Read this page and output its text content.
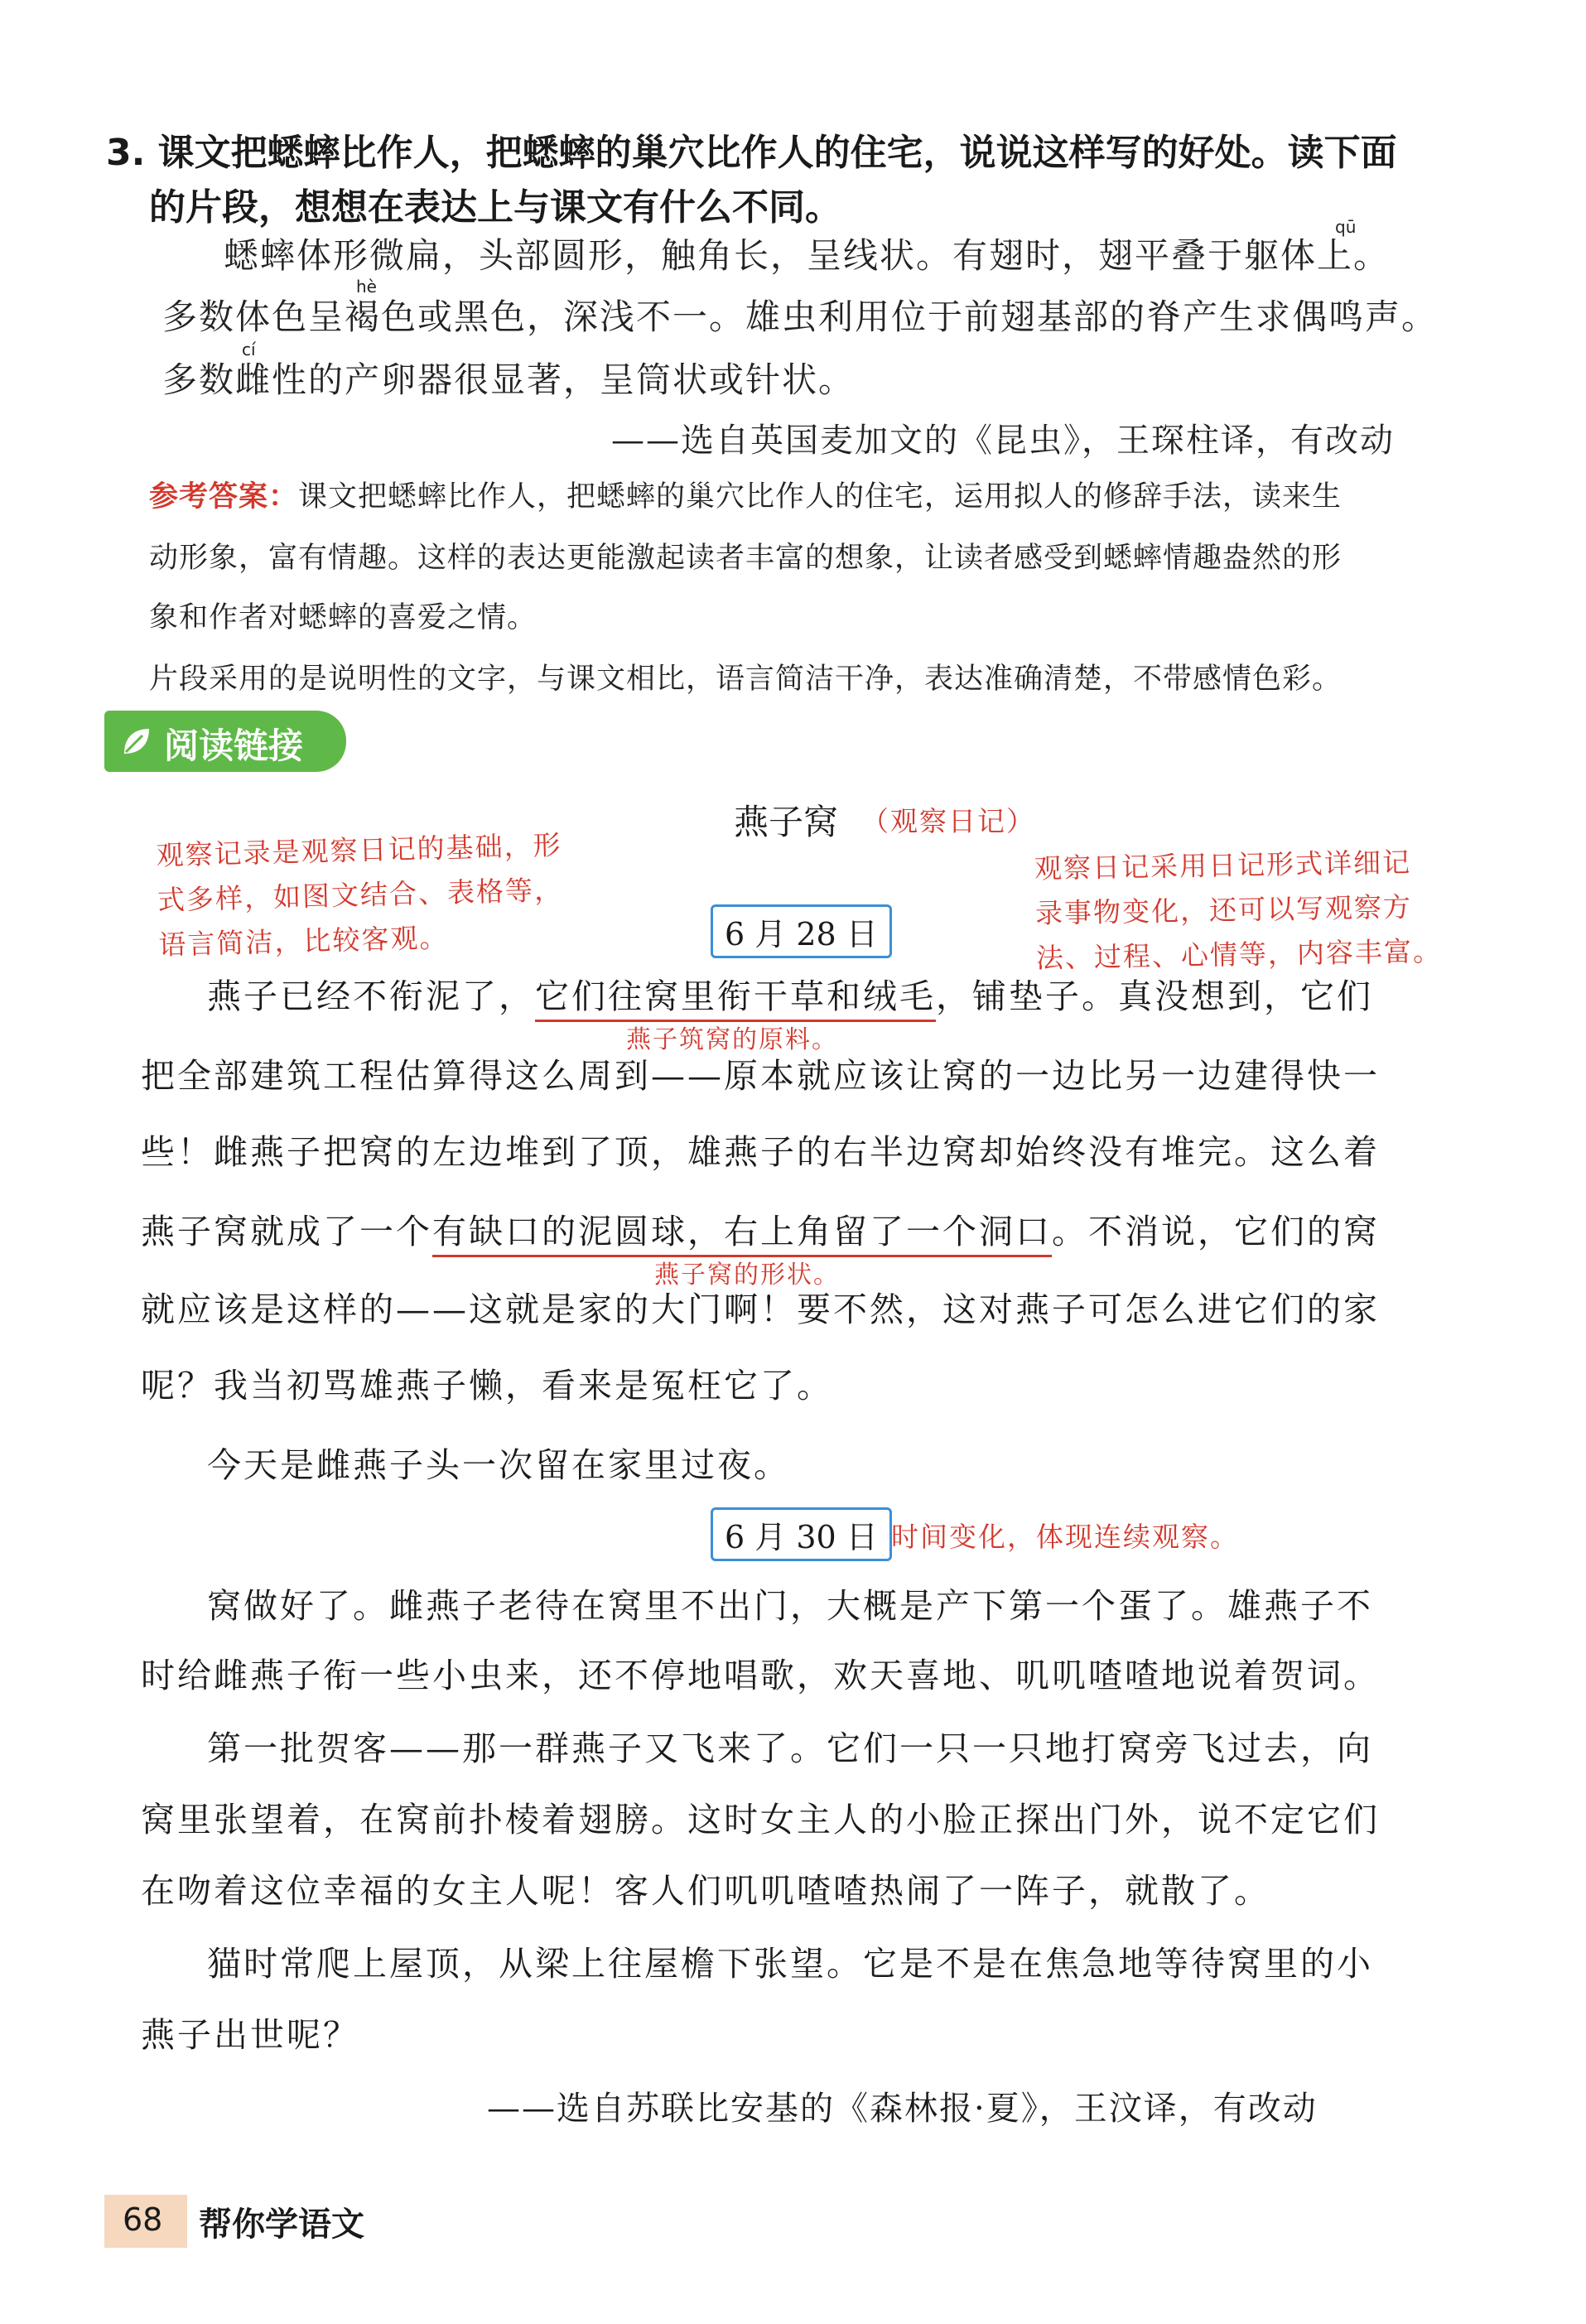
3. 课文把蟋蟀比作人，把蟋蟀的巢穴比作人的住宅，说说这样写的好处。读下面
的片段，想想在表达上与课文有什么不同。	qū
蟋蟀体形微扁，头部圆形，触角长，呈线状。有翅时，翅平叠于躯体上。
hè
多数体色呈褐色或黑色，深浅不一。雄虫利用位于前翅基部的脊产生求偶鸣声。
cí
多数雌性的产卵器很显著，呈筒状或针状。
——选自英国麦加文的《昆虫》，王琛柱译，有改动
参考答案：课文把蟋蟀比作人，把蟋蟀的巢穴比作人的住宅，运用拟人的修辞手法，读来生
动形象，富有情趣。这样的表达更能激起读者丰富的想象，让读者感受到蟋蟀情趣盎然的形
象和作者对蟋蟀的喜爱之情。
片段采用的是说明性的文字，与课文相比，语言简洁干净，表达准确清楚，不带感情色彩。
阅读链接
燕子窝 （观察日记）
观察记录是观察日记的基础，形
式多样，如图文结合、表格等，
语言简洁，比较客观。
观察日记采用日记形式详细记
录事物变化，还可以写观察方
法、过程、心情等，内容丰富。
6 月 28 日
燕子已经不衔泥了，它们往窝里衔干草和绒毛，铺垫子。真没想到，它们
燕子筑窝的原料。
把全部建筑工程估算得这么周到——原本就应该让窝的一边比另一边建得快一
些！雌燕子把窝的左边堆到了顶，雄燕子的右半边窝却始终没有堆完。这么着
燕子窝就成了一个有缺口的泥圆球，右上角留了一个洞口。不消说，它们的窝
燕子窝的形状。
就应该是这样的——这就是家的大门啊！要不然，这对燕子可怎么进它们的家
呢？我当初骂雄燕子懒，看来是冤枉它了。
今天是雌燕子头一次留在家里过夜。
6 月 30 日 时间变化，体现连续观察。
窝做好了。雌燕子老待在窝里不出门，大概是产下第一个蛋了。雄燕子不
时给雌燕子衔一些小虫来，还不停地唱歌，欢天喜地、叽叽喳喳地说着贺词。
第一批贺客——那一群燕子又飞来了。它们一只一只地打窝旁飞过去，向
窝里张望着，在窝前扑棱着翅膀。这时女主人的小脸正探出门外，说不定它们
在吻着这位幸福的女主人呢！客人们叽叽喳喳热闹了一阵子，就散了。
猫时常爬上屋顶，从梁上往屋檐下张望。它是不是在焦急地等待窝里的小
燕子出世呢？
——选自苏联比安基的《森林报·夏》，王汶译，有改动
68 帮你学语文
